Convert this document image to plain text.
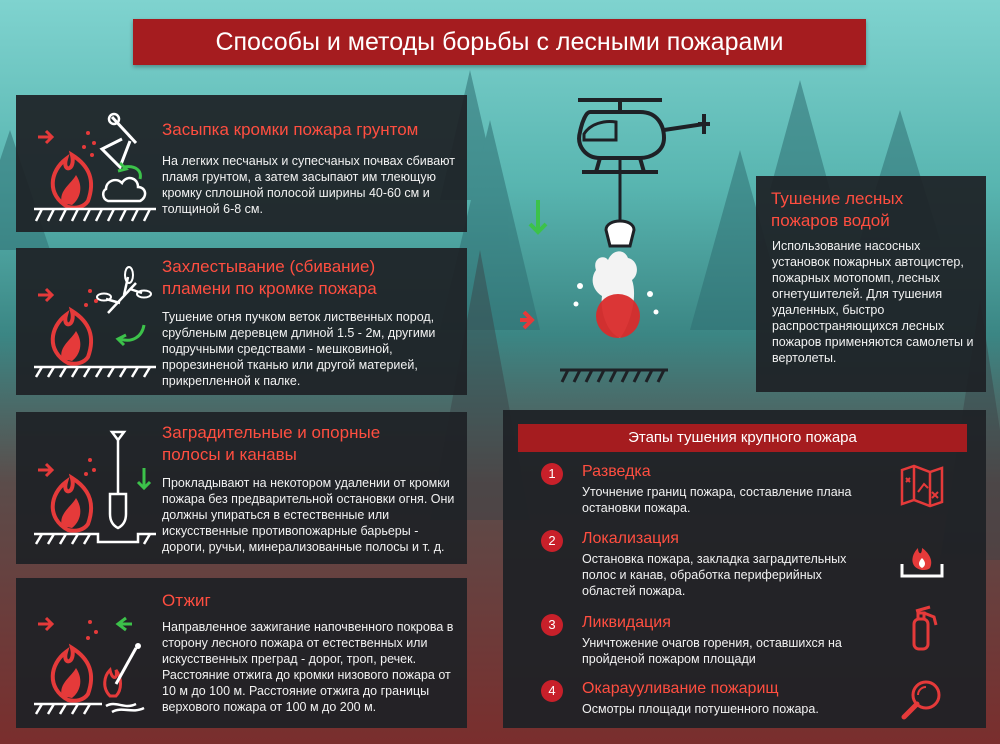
Способы и методы борьбы с лесными пожарами
Засыпка кромки пожара грунтом

На легких песчаных и супесчаных почвах сбивают пламя грунтом, а затем засыпают им тлеющую кромку сплошной полосой ширины 40-60 см и толщиной 6-8 см.

Захлестывание (сбивание) пламени по кромке пожара

Тушение огня пучком веток лиственных пород, срубленым деревцем длиной 1.5 - 2м, другими подручными средствами - мешковиной, прорезиненой тканью или другой материей, прикрепленной к палке.

Заградительные и опорные полосы и канавы

Прокладывают на некотором удалении от кромки пожара без предварительной остановки огня. Они должны упираться в естественные или искусственные противопожарные барьеры - дороги, ручьи, минерализованные полосы и т. д.

Отжиг

Направленное зажигание напочвенного покрова в сторону лесного пожара от естественных или искусственных преград - дорог, троп, речек. Расстояние отжига до кромки низового пожара от 10 м до 100 м. Расстояние отжига до границы верхового пожара от 100 м до 200 м.

Тушение лесных пожаров водой

Использование насосных установок пожарных автоцистер, пожарных мотопомп, лесных огнетушителей. Для тушения удаленных, быстро распространяющихся лесных пожаров применяются самолеты и вертолеты.

Этапы тушения крупного пожара
1	Разведка

Уточнение границ пожара, составление плана остановки пожара.

2	Локализация

Остановка пожара, закладка заградительных полос и канав, обработка периферийных областей пожара.

3	Ликвидация

Уничтожение очагов горения, оставшихся на пройденой пожаром площади

4	Окараууливание пожарищ

Осмотры площади потушенного пожара.
